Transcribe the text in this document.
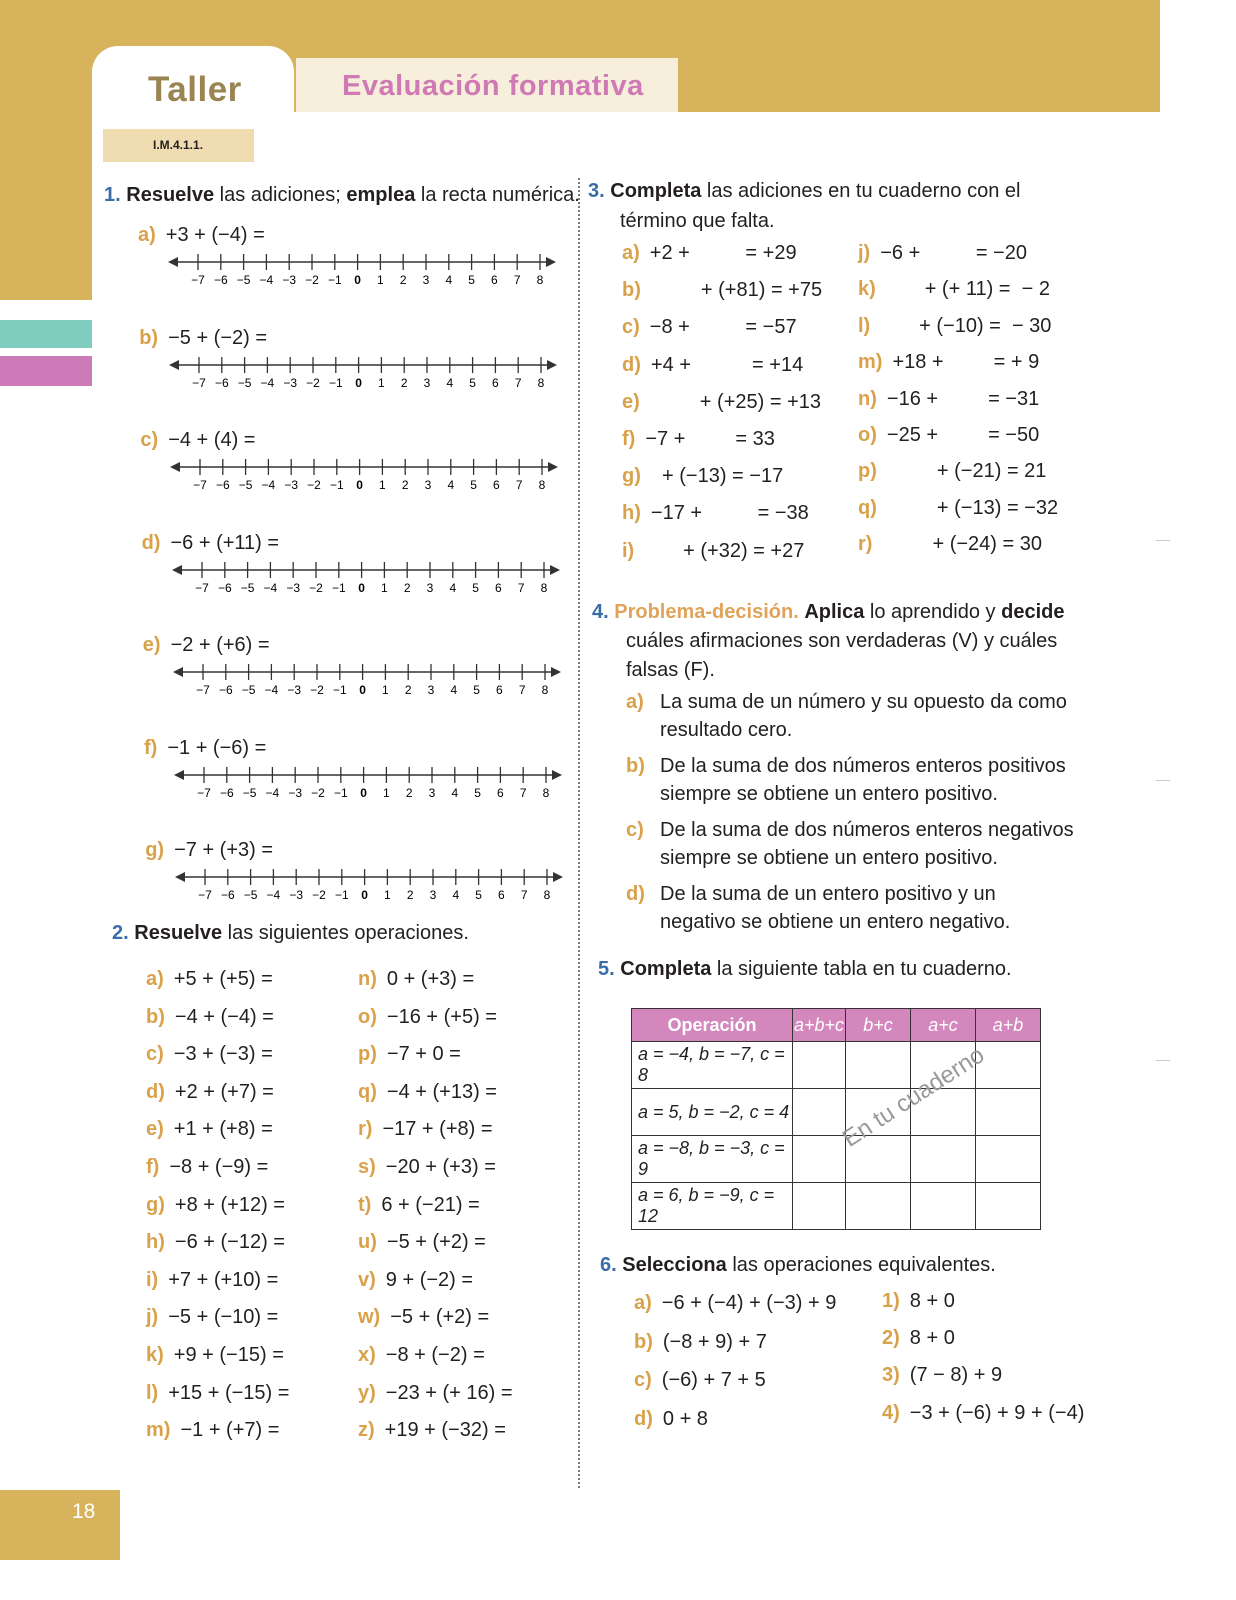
Taller	Evaluación formativa
I.M.4.1.1.
18
1. Resuelve las adiciones; emplea la recta numérica.
a) +3 + (−4) =
−7 −6 −5 −4 −3 −2 −1 0 1 2 3 4 5 6 7 8
b) −5 + (−2) =
−7 −6 −5 −4 −3 −2 −1 0 1 2 3 4 5 6 7 8
c) −4 + (4) =
−7 −6 −5 −4 −3 −2 −1 0 1 2 3 4 5 6 7 8
d) −6 + (+11) =
−7 −6 −5 −4 −3 −2 −1 0 1 2 3 4 5 6 7 8
e) −2 + (+6) =
−7 −6 −5 −4 −3 −2 −1 0 1 2 3 4 5 6 7 8
f) −1 + (−6) =
−7 −6 −5 −4 −3 −2 −1 0 1 2 3 4 5 6 7 8
g) −7 + (+3) =
−7 −6 −5 −4 −3 −2 −1 0 1 2 3 4 5 6 7 8
2. Resuelve las siguientes operaciones.
a) +5 + (+5) =
b) −4 + (−4) =
c) −3 + (−3) =
d) +2 + (+7) =
e) +1 + (+8) =
f) −8 + (−9) =
g) +8 + (+12) =
h) −6 + (−12) =
i) +7 + (+10) =
j) −5 + (−10) =
k) +9 + (−15) =
l) +15 + (−15) =
m) −1 + (+7) =
n) 0 + (+3) =
o) −16 + (+5) =
p) −7 + 0 =
q) −4 + (+13) =
r) −17 + (+8) =
s) −20 + (+3) =
t) 6 + (−21) =
u) −5 + (+2) =
v) 9 + (−2) =
w) −5 + (+2) =
x) −8 + (−2) =
y) −23 + (+ 16) =
z) +19 + (−32) =
3. Completa las adiciones en tu cuaderno con el
término que falta.
a) +2 +          = +29
b)         + (+81) = +75
c) −8 +          = −57
d) +4 +           = +14
e)         + (+25) = +13
f) −7 +         = 33
g)  + (−13) = −17
h) −17 +          = −38
i)       + (+32) = +27
j) −6 +          = −20
k)       + (+ 11) =  − 2
l)       + (−10) =  − 30
m) +18 +         = + 9
n) −16 +         = −31
o) −25 +         = −50
p)         + (−21) = 21
q)         + (−13) = −32
r)         + (−24) = 30
4. Problema-decisión. Aplica lo aprendido y decide
cuáles afirmaciones son verdaderas (V) y cuáles
falsas (F).
a) La suma de un número y su opuesto da como
resultado cero.
b) De la suma de dos números enteros positivos
siempre se obtiene un entero positivo.
c) De la suma de dos números enteros negativos
siempre se obtiene un entero positivo.
d) De la suma de un entero positivo y un
negativo se obtiene un entero negativo.
5. Completa la siguiente tabla en tu cuaderno.
Operación	a+b+c	b+c	a+c	a+b
a = −4, b = −7, c = 8				
a = 5, b = −2, c = 4				
a = −8, b = −3, c = 9				
a = 6, b = −9, c = 12				
En tu cuaderno
6. Selecciona las operaciones equivalentes.
a) −6 + (−4) + (−3) + 9
b) (−8 + 9) + 7
c) (−6) + 7 + 5
d) 0 + 8
1) 8 + 0
2) 8 + 0
3) (7 − 8) + 9
4) −3 + (−6) + 9 + (−4)
